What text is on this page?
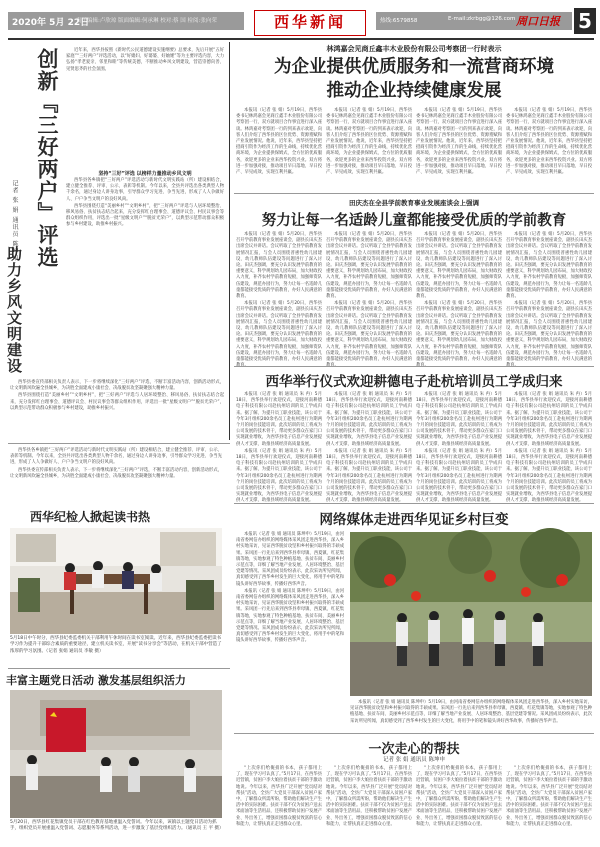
2020年 5月 22日
责任编辑:卢欣琼 版面编辑:何承琳 校对:蔡 国 检阅:张向荣	西华新闻	热线:6579858	E-mail:zkrbgg@126.com 周口日报 5
创新『三好两户』评选
记者 张 娟 通讯员 陈坤申
助力乡风文明建设

近年来，西华县按照《新时代公民道德建设实施纲要》总要求，先后开展“五好家庭”“三好两户”评选活动，以“好媳妇、好婆婆、好妯娌”等为主要评选内容，大力弘扬“孝老爱亲、邻里和睦”等传统美德，不断推动乡风文明建设，营造崇德向善、见贤思齐的社会氛围。

坚持“三好”评选 以榜样力量推动乡风文明

西华县各乡镇把“三好两户”评选活动与新时代文明实践站（所）建设相结合，建立健全推荐、评审、公示、表彰等机制。今年以来，全县共评选出各类典型人物千余名，通过身边人讲身边事，引导群众学习先进、争当先进，形成了人人争做好人、户户争当文明户的良好风尚。

西华县围绕打造“美丽乡村”“文明乡村”，把“三好两户”评选与人居环境整治、移风易俗、扶贫扶志结合起来，充分发挥红白理事会、道德评议会、村民议事会等群众组织作用，评选出一批“星级文明户”“脱贫光荣户”，以典型示范带动群众积极参与乡村建设，助推乡村振兴。

西华县委宣传部相关负责人表示，下一步将继续深化“三好两户”评选，不断丰富活动内容，创新活动形式，让文明新风吹遍全县城乡，为决胜全面建成小康社会、决战脱贫攻坚凝聚强大精神力量。

西华县围绕打造“美丽乡村”“文明乡村”，把“三好两户”评选与人居环境整治、移风易俗、扶贫扶志结合起来，充分发挥红白理事会、道德评议会、村民议事会等群众组织作用，评选出一批“星级文明户”“脱贫光荣户”，以典型示范带动群众积极参与乡村建设，助推乡村振兴。

林鸿嘉会见商丘鑫丰木业股份有限公司考察团一行时表示
为企业提供优质服务和一流营商环境
推动企业持续健康发展

本报讯（记者 张 娟）5月19日，西华县委书记林鸿嘉会见商丘鑫丰木业股份有限公司考察团一行，双方就项目合作事宜进行深入座谈。林鸿嘉对考察团一行的到来表示欢迎，向客人们介绍了西华县的区位优势、资源禀赋和产业发展情况。他说，近年来，西华县坚持把招商引资作为经济工作的生命线，持续优化营商环境，为企业提供保姆式、全方位的优质服务，欢迎更多的企业来西华投资兴业。双方将进一步加强对接，推动项目早日落地、早日投产、早见成效，实现互利共赢。

本报讯（记者 张 娟）5月19日，西华县委书记林鸿嘉会见商丘鑫丰木业股份有限公司考察团一行，双方就项目合作事宜进行深入座谈。林鸿嘉对考察团一行的到来表示欢迎，向客人们介绍了西华县的区位优势、资源禀赋和产业发展情况。他说，近年来，西华县坚持把招商引资作为经济工作的生命线，持续优化营商环境，为企业提供保姆式、全方位的优质服务，欢迎更多的企业来西华投资兴业。双方将进一步加强对接，推动项目早日落地、早日投产、早见成效，实现互利共赢。

本报讯（记者 张 娟）5月19日，西华县委书记林鸿嘉会见商丘鑫丰木业股份有限公司考察团一行，双方就项目合作事宜进行深入座谈。林鸿嘉对考察团一行的到来表示欢迎，向客人们介绍了西华县的区位优势、资源禀赋和产业发展情况。他说，近年来，西华县坚持把招商引资作为经济工作的生命线，持续优化营商环境，为企业提供保姆式、全方位的优质服务，欢迎更多的企业来西华投资兴业。双方将进一步加强对接，推动项目早日落地、早日投产、早见成效，实现互利共赢。

本报讯（记者 张 娟）5月19日，西华县委书记林鸿嘉会见商丘鑫丰木业股份有限公司考察团一行，双方就项目合作事宜进行深入座谈。林鸿嘉对考察团一行的到来表示欢迎，向客人们介绍了西华县的区位优势、资源禀赋和产业发展情况。他说，近年来，西华县坚持把招商引资作为经济工作的生命线，持续优化营商环境，为企业提供保姆式、全方位的优质服务，欢迎更多的企业来西华投资兴业。双方将进一步加强对接，推动项目早日落地、早日投产、早见成效，实现互利共赢。

田庆杰在全县学前教育事业发展座谈会上强调
努力让每一名适龄儿童都能接受优质的学前教育

本报讯（记者 张 娟）5月20日，西华县召开学前教育事业发展座谈会，副县长田庆杰出席会议并讲话。会议听取了全县学前教育发展情况汇报，与会人员围绕普惠性幼儿园建设、幼儿教师队伍建设等问题进行了深入讨论。田庆杰强调，要充分认识发展学前教育的重要意义，科学规划幼儿园布局，加大财政投入力度，补齐农村学前教育短板，加强师资队伍建设，规范办园行为，努力让每一名适龄儿童都能接受优质的学前教育，办好人民满意的教育。

本报讯（记者 张 娟）5月20日，西华县召开学前教育事业发展座谈会，副县长田庆杰出席会议并讲话。会议听取了全县学前教育发展情况汇报，与会人员围绕普惠性幼儿园建设、幼儿教师队伍建设等问题进行了深入讨论。田庆杰强调，要充分认识发展学前教育的重要意义，科学规划幼儿园布局，加大财政投入力度，补齐农村学前教育短板，加强师资队伍建设，规范办园行为，努力让每一名适龄儿童都能接受优质的学前教育，办好人民满意的

本报讯（记者 张 娟）5月20日，西华县召开学前教育事业发展座谈会，副县长田庆杰出席会议并讲话。会议听取了全县学前教育发展情况汇报，与会人员围绕普惠性幼儿园建设、幼儿教师队伍建设等问题进行了深入讨论。田庆杰强调，要充分认识发展学前教育的重要意义，科学规划幼儿园布局，加大财政投入力度，补齐农村学前教育短板，加强师资队伍建设，规范办园行为，努力让每一名适龄儿童都能接受优质的学前教育，办好人民满意的教育。

本报讯（记者 张 娟）5月20日，西华县召开学前教育事业发展座谈会，副县长田庆杰出席会议并讲话。会议听取了全县学前教育发展情况汇报，与会人员围绕普惠性幼儿园建设、幼儿教师队伍建设等问题进行了深入讨论。田庆杰强调，要充分认识发展学前教育的重要意义，科学规划幼儿园布局，加大财政投入力度，补齐农村学前教育短板，加强师资队伍建设，规范办园行为，努力让每一名适龄儿童都能接受优质的学前教育，办好人民满意的

本报讯（记者 张 娟）5月20日，西华县召开学前教育事业发展座谈会，副县长田庆杰出席会议并讲话。会议听取了全县学前教育发展情况汇报，与会人员围绕普惠性幼儿园建设、幼儿教师队伍建设等问题进行了深入讨论。田庆杰强调，要充分认识发展学前教育的重要意义，科学规划幼儿园布局，加大财政投入力度，补齐农村学前教育短板，加强师资队伍建设，规范办园行为，努力让每一名适龄儿童都能接受优质的学前教育，办好人民满意的教育。

本报讯（记者 张 娟）5月20日，西华县召开学前教育事业发展座谈会，副县长田庆杰出席会议并讲话。会议听取了全县学前教育发展情况汇报，与会人员围绕普惠性幼儿园建设、幼儿教师队伍建设等问题进行了深入讨论。田庆杰强调，要充分认识发展学前教育的重要意义，科学规划幼儿园布局，加大财政投入力度，补齐农村学前教育短板，加强师资队伍建设，规范办园行为，努力让每一名适龄儿童都能接受优质的学前教育，办好人民满意的

本报讯（记者 张 娟）5月20日，西华县召开学前教育事业发展座谈会，副县长田庆杰出席会议并讲话。会议听取了全县学前教育发展情况汇报，与会人员围绕普惠性幼儿园建设、幼儿教师队伍建设等问题进行了深入讨论。田庆杰强调，要充分认识发展学前教育的重要意义，科学规划幼儿园布局，加大财政投入力度，补齐农村学前教育短板，加强师资队伍建设，规范办园行为，努力让每一名适龄儿童都能接受优质的学前教育，办好人民满意的教育。

本报讯（记者 张 娟）5月20日，西华县召开学前教育事业发展座谈会，副县长田庆杰出席会议并讲话。会议听取了全县学前教育发展情况汇报，与会人员围绕普惠性幼儿园建设、幼儿教师队伍建设等问题进行了深入讨论。田庆杰强调，要充分认识发展学前教育的重要意义，科学规划幼儿园布局，加大财政投入力度，补齐农村学前教育短板，加强师资队伍建设，规范办园行为，努力让每一名适龄儿童都能接受优质的学前教育，办好人民满意的

西华举行仪式欢迎耕德电子赴杭培训员工学成归来

本报讯（记者 张 娟 通讯员 朱 冉）5月18日，西华县举行欢迎仪式，迎接河南耕德电子科技有限公司赴杭州培训的员工学成归来。据了解，为提升员工职业技能，该公司于今年3月组织200余名员工赴杭州进行为期两个月的岗位技能培训。此次培训的员工将成为公司发展的技术骨干，带动更多群众在家门口实现就业增收，为西华县电子信息产业发展提供人才支撑，助推县域经济高质量发展。

本报讯（记者 张 娟 通讯员 朱 冉）5月18日，西华县举行欢迎仪式，迎接河南耕德电子科技有限公司赴杭州培训的员工学成归来。据了解，为提升员工职业技能，该公司于今年3月组织200余名员工赴杭州进行为期两个月的岗位技能培训。此次培训的员工将成为公司发展的技术骨干，带动更多群众在家门口实现就业增收，为西华县电子信息产业发展提供人才支撑，助推县域经济高质量发展。

本报讯（记者 张 娟 通讯员 朱 冉）5月18日，西华县举行欢迎仪式，迎接河南耕德电子科技有限公司赴杭州培训的员工学成归来。据了解，为提升员工职业技能，该公司于今年3月组织200余名员工赴杭州进行为期两个月的岗位技能培训。此次培训的员工将成为公司发展的技术骨干，带动更多群众在家门口实现就业增收，为西华县电子信息产业发展提供人才支撑，助推县域经济高质量发展。

本报讯（记者 张 娟 通讯员 朱 冉）5月18日，西华县举行欢迎仪式，迎接河南耕德电子科技有限公司赴杭州培训的员工学成归来。据了解，为提升员工职业技能，该公司于今年3月组织200余名员工赴杭州进行为期两个月的岗位技能培训。此次培训的员工将成为公司发展的技术骨干，带动更多群众在家门口实现就业增收，为西华县电子信息产业发展提供人才支撑，助推县域经济高质量发展。

本报讯（记者 张 娟 通讯员 朱 冉）5月18日，西华县举行欢迎仪式，迎接河南耕德电子科技有限公司赴杭州培训的员工学成归来。据了解，为提升员工职业技能，该公司于今年3月组织200余名员工赴杭州进行为期两个月的岗位技能培训。此次培训的员工将成为公司发展的技术骨干，带动更多群众在家门口实现就业增收，为西华县电子信息产业发展提供人才支撑，助推县域经济高质量发展。

本报讯（记者 张 娟 通讯员 朱 冉）5月18日，西华县举行欢迎仪式，迎接河南耕德电子科技有限公司赴杭州培训的员工学成归来。据了解，为提升员工职业技能，该公司于今年3月组织200余名员工赴杭州进行为期两个月的岗位技能培训。此次培训的员工将成为公司发展的技术骨干，带动更多群众在家门口实现就业增收，为西华县电子信息产业发展提供人才支撑，助推县域经济高质量发展。

本报讯（记者 张 娟 通讯员 朱 冉）5月18日，西华县举行欢迎仪式，迎接河南耕德电子科技有限公司赴杭州培训的员工学成归来。据了解，为提升员工职业技能，该公司于今年3月组织200余名员工赴杭州进行为期两个月的岗位技能培训。此次培训的员工将成为公司发展的技术骨干，带动更多群众在家门口实现就业增收，为西华县电子信息产业发展提供人才支撑，助推县域经济高质量发展。

本报讯（记者 张 娟 通讯员 朱 冉）5月18日，西华县举行欢迎仪式，迎接河南耕德电子科技有限公司赴杭州培训的员工学成归来。据了解，为提升员工职业技能，该公司于今年3月组织200余名员工赴杭州进行为期两个月的岗位技能培训。此次培训的员工将成为公司发展的技术骨干，带动更多群众在家门口实现就业增收，为西华县电子信息产业发展提供人才支撑，助推县域经济高质量发展。

西华纪检人掀起读书热
5月18日中午时分，西华县纪委监委机关干部利用午休时间在读书室阅读。近年来，西华县纪委监委把读书学习作为提升干部综合素质的重要途径，建立机关读书室，开展“读书分享会”等活动，在机关干部中营造了浓厚的学习氛围。（记者 张娟 通讯员 李敏 摄）
丰富主题党日活动 激发基层组织活力
5月20日，西华县红花集镇党员干部在红色教育基地重温入党誓词。今年以来，该镇以主题党日活动为抓手，组织党员开展重温入党誓词、志愿服务等系列活动，进一步激发了基层党组织活力。（通讯员 王 平 摄）

西华县各乡镇把“三好两户”评选活动与新时代文明实践站（所）建设相结合，建立健全推荐、评审、公示、表彰等机制。今年以来，全县共评选出各类典型人物千余名，通过身边人讲身边事，引导群众学习先进、争当先进，形成了人人争做好人、户户争当文明户的良好风尚。

西华县委宣传部相关负责人表示，下一步将继续深化“三好两户”评选，不断丰富活动内容，创新活动形式，让文明新风吹遍全县城乡，为决胜全面建成小康社会、决战脱贫攻坚凝聚强大精神力量。

网络媒体走进西华见证乡村巨变

本报讯（记者 张 娟 通讯员 陈坤申）5月19日，由河南省委网信办组织的网络媒体采风团走进西华县，深入乡村实地采访，见证西华脱贫攻坚和乡村振兴取得的丰硕成果。采风团一行先后来到西华县奉母镇、西夏镇、红花集镇等地，实地参观了特色种植基地、扶贫车间、美丽乡村示范点等，详细了解当地产业发展、人居环境整治、基层党建等情况。采风团成员纷纷表示，此次采访所见所闻，真切感受到了西华乡村发生的巨大变化，将用手中的笔和镜头讲好西华故事，传播好西华声音。

本报讯（记者 张 娟 通讯员 陈坤申）5月19日，由河南省委网信办组织的网络媒体采风团走进西华县，深入乡村实地采访，见证西华脱贫攻坚和乡村振兴取得的丰硕成果。采风团一行先后来到西华县奉母镇、西夏镇、红花集镇等地，实地参观了特色种植基地、扶贫车间、美丽乡村示范点等，详细了解当地产业发展、人居环境整治、基层党建等情况。采风团成员纷纷表示，此次采访所见所闻，真切感受到了西华乡村发生的巨大变化，将用手中的笔和镜头讲好西华故事，传播好西华声音。

本报讯（记者 张 娟 通讯员 陈坤申）5月19日，由河南省委网信办组织的网络媒体采风团走进西华县，深入乡村实地采访，见证西华脱贫攻坚和乡村振兴取得的丰硕成果。采风团一行先后来到西华县奉母镇、西夏镇、红花集镇等地，实地参观了特色种植基地、扶贫车间、美丽乡村示范点等，详细了解当地产业发展、人居环境整治、基层党建等情况。采风团成员纷纷表示，此次采访所见所闻，真切感受到了西华乡村发生的巨大变化，将用手中的笔和镜头讲好西华故事，传播好西华声音。

一次走心的帮扶
记者 张 娟 通讯员 陈坤申

“上次你们给俺捐的书本，孩子都用上了，现在学习可认真了。”5月17日，在西华县迟营镇，贫困户李大娘拉着扶贫干部的手激动地说。今年以来，西华县广泛开展“党员结对帮扶”活动，全县广大党员干部深入贫困户家中，了解群众所需所盼，帮助他们解决生产生活中的实际困难。扶贫干部不仅为贫困户送去米面油等生活用品，还积极帮助贫困户发展产业、外出务工，增强贫困群众脱贫致富的信心和能力，让帮扶真正走进群众心里。

“上次你们给俺捐的书本，孩子都用上了，现在学习可认真了。”5月17日，在西华县迟营镇，贫困户李大娘拉着扶贫干部的手激动地说。今年以来，西华县广泛开展“党员结对帮扶”活动，全县广大党员干部深入贫困户家中，了解群众所需所盼，帮助他们解决生产生活中的实际困难。扶贫干部不仅为贫困户送去米面油等生活用品，还积极帮助贫困户发展产业、外出务工，增强贫困群众脱贫致富的信心和能力，让帮扶真正走进群众心里。

“上次你们给俺捐的书本，孩子都用上了，现在学习可认真了。”5月17日，在西华县迟营镇，贫困户李大娘拉着扶贫干部的手激动地说。今年以来，西华县广泛开展“党员结对帮扶”活动，全县广大党员干部深入贫困户家中，了解群众所需所盼，帮助他们解决生产生活中的实际困难。扶贫干部不仅为贫困户送去米面油等生活用品，还积极帮助贫困户发展产业、外出务工，增强贫困群众脱贫致富的信心和能力，让帮扶真正走进群众心里。

“上次你们给俺捐的书本，孩子都用上了，现在学习可认真了。”5月17日，在西华县迟营镇，贫困户李大娘拉着扶贫干部的手激动地说。今年以来，西华县广泛开展“党员结对帮扶”活动，全县广大党员干部深入贫困户家中，了解群众所需所盼，帮助他们解决生产生活中的实际困难。扶贫干部不仅为贫困户送去米面油等生活用品，还积极帮助贫困户发展产业、外出务工，增强贫困群众脱贫致富的信心和能力，让帮扶真正走进群众心里。
